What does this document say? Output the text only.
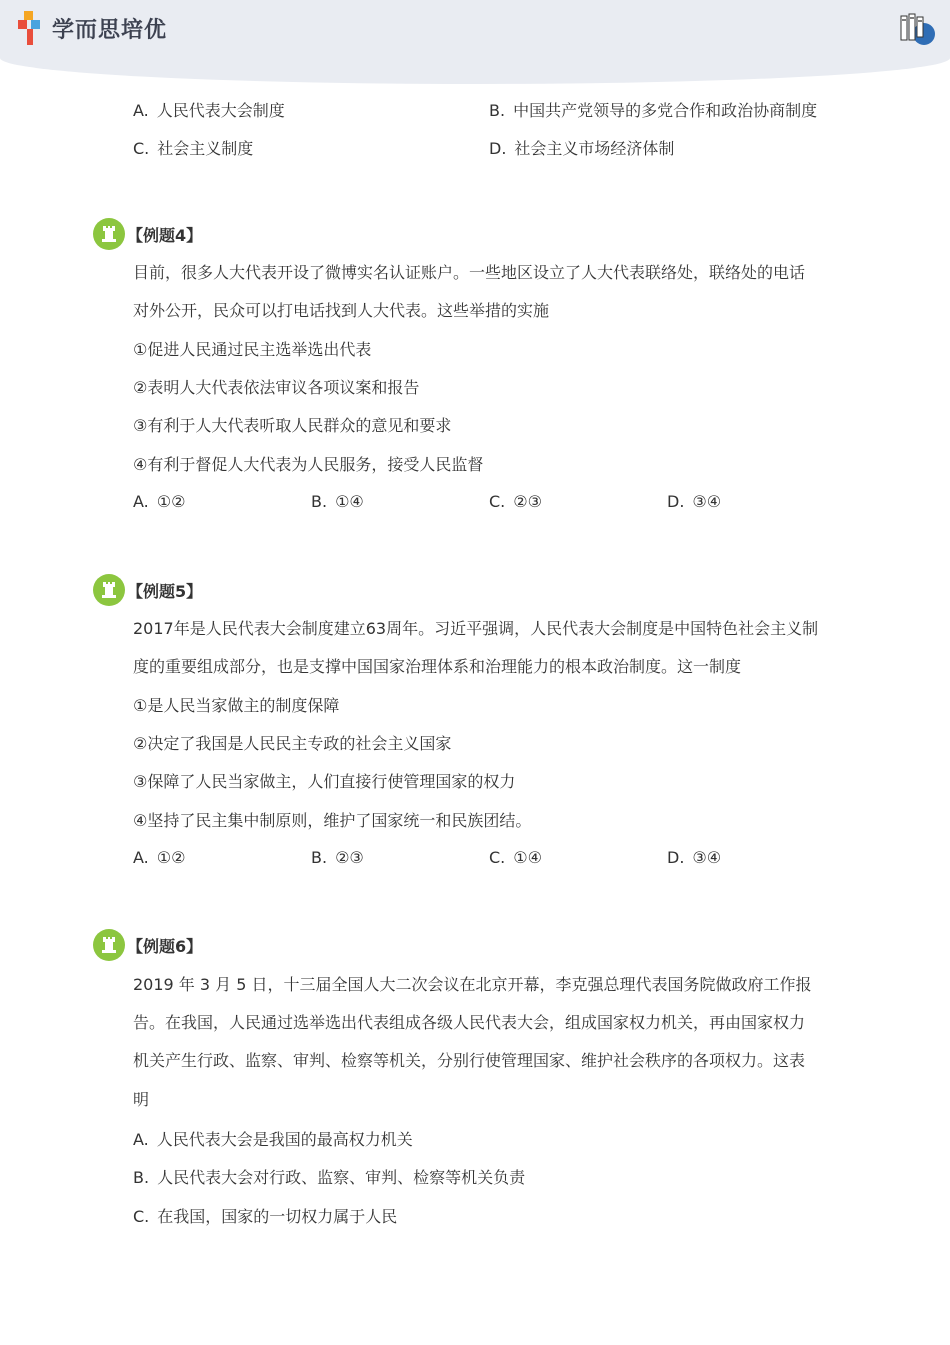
学而思培优
A. 人民代表大会制度	B. 中国共产党领导的多党合作和政治协商制度
C. 社会主义制度	D. 社会主义市场经济体制
【例题4】
目前，很多人大代表开设了微博实名认证账户。一些地区设立了人大代表联络处，联络处的电话
对外公开，民众可以打电话找到人大代表。这些举措的实施
①促进人民通过民主选举选出代表
②表明人大代表依法审议各项议案和报告
③有利于人大代表听取人民群众的意见和要求
④有利于督促人大代表为人民服务，接受人民监督
A. ①②	B. ①④	C. ②③	D. ③④
【例题5】
2017年是人民代表大会制度建立63周年。习近平强调，人民代表大会制度是中国特色社会主义制
度的重要组成部分，也是支撑中国国家治理体系和治理能力的根本政治制度。这一制度
①是人民当家做主的制度保障
②决定了我国是人民民主专政的社会主义国家
③保障了人民当家做主，人们直接行使管理国家的权力
④坚持了民主集中制原则，维护了国家统一和民族团结。
A. ①②	B. ②③	C. ①④	D. ③④
【例题6】
2019 年 3 月 5 日，十三届全国人大二次会议在北京开幕，李克强总理代表国务院做政府工作报
告。在我国，人民通过选举选出代表组成各级人民代表大会，组成国家权力机关，再由国家权力
机关产生行政、监察、审判、检察等机关，分别行使管理国家、维护社会秩序的各项权力。这表
明
A. 人民代表大会是我国的最高权力机关
B. 人民代表大会对行政、监察、审判、检察等机关负责
C. 在我国，国家的一切权力属于人民
